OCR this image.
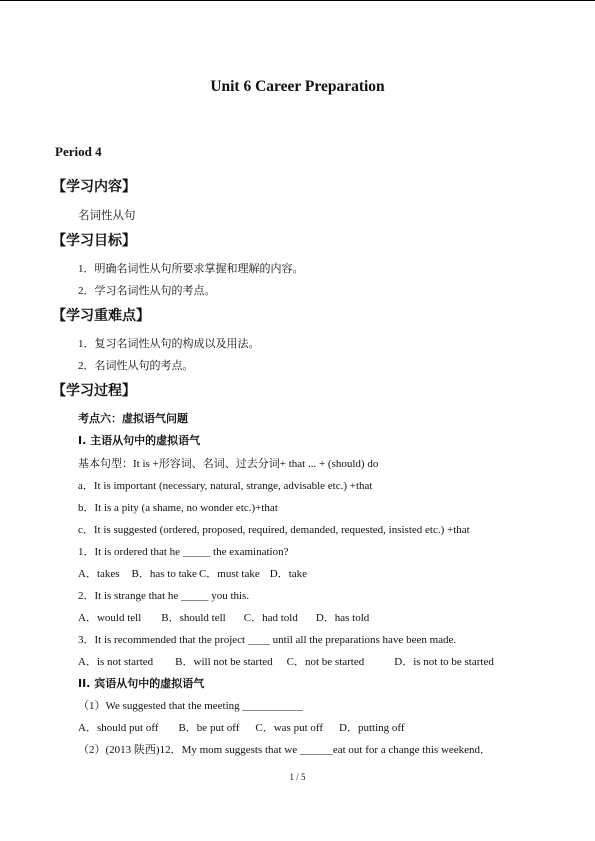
Unit 6 Career Preparation
Period 4
【学习内容】
名词性从句
【学习目标】
1．明确名词性从句所要求掌握和理解的内容。
2．学习名词性从句的考点。
【学习重难点】
1．复习名词性从句的构成以及用法。
2．名词性从句的考点。
【学习过程】
考点六：虚拟语气问题
I. 主语从句中的虚拟语气
基本句型：It is +形容词、名词、过去分词+ that ... + (should) do
a．It is important (necessary, natural, strange, advisable etc.) +that
b．It is a pity (a shame, no wonder etc.)+that
c．It is suggested (ordered, proposed, required, demanded, requested, insisted etc.) +that
1．It is ordered that he _____ the examination?
A．takes B．has to take C．must take D．take
2．It is strange that he _____ you this.
A．would tell B．should tell C．had told D．has told
3．It is recommended that the project ____ until all the preparations have been made.
A．is not started B．will not be started C．not be started	D．is not to be started
II. 宾语从句中的虚拟语气
（1）We suggested that the meeting ___________
A．should put off B．be put off C．was put off D．putting off
（2）(2013 陕西)12．My mom suggests that we ______eat out for a change this weekend．
1 / 5
